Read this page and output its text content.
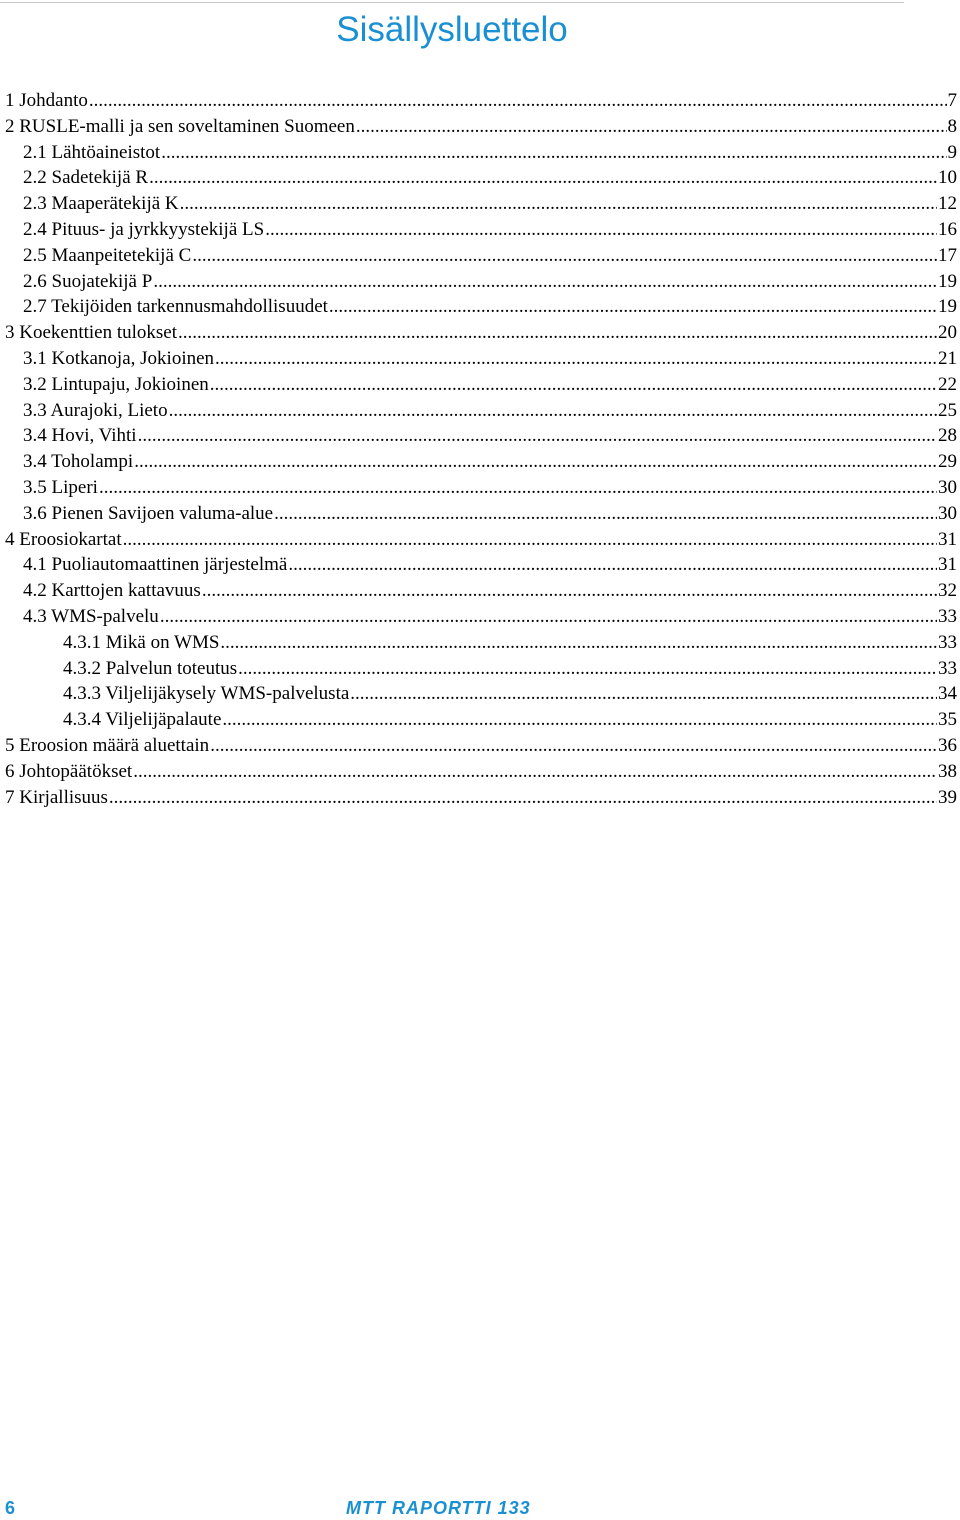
Sisällysluettelo
1 Johdanto .....	7
2 RUSLE-malli ja sen soveltaminen Suomeen .....	8
2.1 Lähtöaineistot .....	9
2.2 Sadetekijä R .....	10
2.3 Maaperätekijä K .....	12
2.4 Pituus- ja jyrkkyystekijä LS .....	16
2.5 Maanpeitetekijä C .....	17
2.6 Suojatekijä P .....	19
2.7 Tekijöiden tarkennusmahdollisuudet .....	19
3 Koekenttien tulokset .....	20
3.1 Kotkanoja, Jokioinen .....	21
3.2 Lintupaju, Jokioinen .....	22
3.3 Aurajoki, Lieto .....	25
3.4 Hovi, Vihti .....	28
3.4 Toholampi .....	29
3.5 Liperi .....	30
3.6 Pienen Savijoen valuma-alue .....	30
4 Eroosiokartat .....	31
4.1 Puoliautomaattinen järjestelmä .....	31
4.2 Karttojen kattavuus .....	32
4.3 WMS-palvelu .....	33
4.3.1 Mikä on WMS .....	33
4.3.2 Palvelun toteutus .....	33
4.3.3 Viljelijäkysely WMS-palvelusta .....	34
4.3.4 Viljelijäpalaute .....	35
5 Eroosion määrä aluettain .....	36
6 Johtopäätökset .....	38
7 Kirjallisuus .....	39
6	MTT RAPORTTI 133
